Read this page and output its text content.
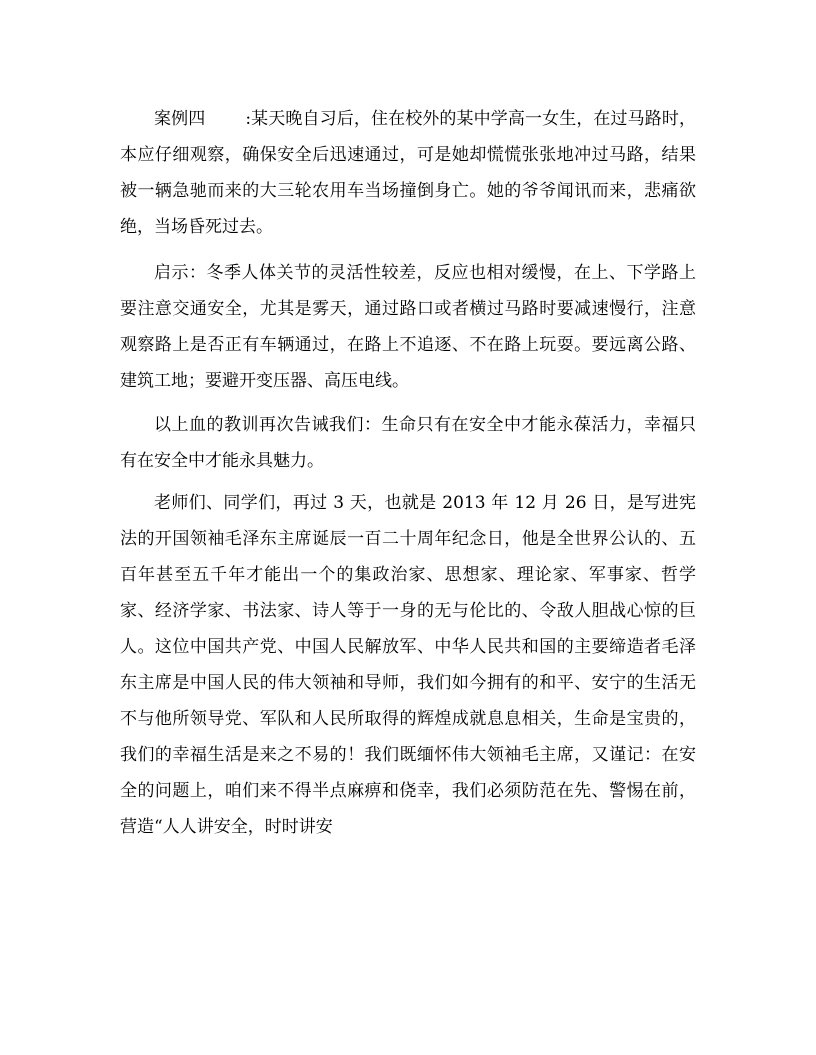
案例四 :某天晚自习后，住在校外的某中学高一女生，在过马路时，本应仔细观察，确保安全后迅速通过，可是她却慌慌张张地冲过马路，结果被一辆急驰而来的大三轮农用车当场撞倒身亡。她的爷爷闻讯而来，悲痛欲绝，当场昏死过去。

启示：冬季人体关节的灵活性较差，反应也相对缓慢，在上、下学路上要注意交通安全，尤其是雾天，通过路口或者横过马路时要减速慢行，注意观察路上是否正有车辆通过，在路上不追逐、不在路上玩耍。要远离公路、建筑工地；要避开变压器、高压电线。

以上血的教训再次告诫我们：生命只有在安全中才能永葆活力，幸福只有在安全中才能永具魅力。

老师们、同学们，再过 3 天，也就是 2013 年 12 月 26 日，是写进宪法的开国领袖毛泽东主席诞辰一百二十周年纪念日，他是全世界公认的、五百年甚至五千年才能出一个的集政治家、思想家、理论家、军事家、哲学家、经济学家、书法家、诗人等于一身的无与伦比的、令敌人胆战心惊的巨人。这位中国共产党、中国人民解放军、中华人民共和国的主要缔造者毛泽东主席是中国人民的伟大领袖和导师，我们如今拥有的和平、安宁的生活无不与他所领导党、军队和人民所取得的辉煌成就息息相关，生命是宝贵的，我们的幸福生活是来之不易的！我们既缅怀伟大领袖毛主席，又谨记：在安全的问题上，咱们来不得半点麻痹和侥幸，我们必须防范在先、警惕在前，营造“人人讲安全，时时讲安
